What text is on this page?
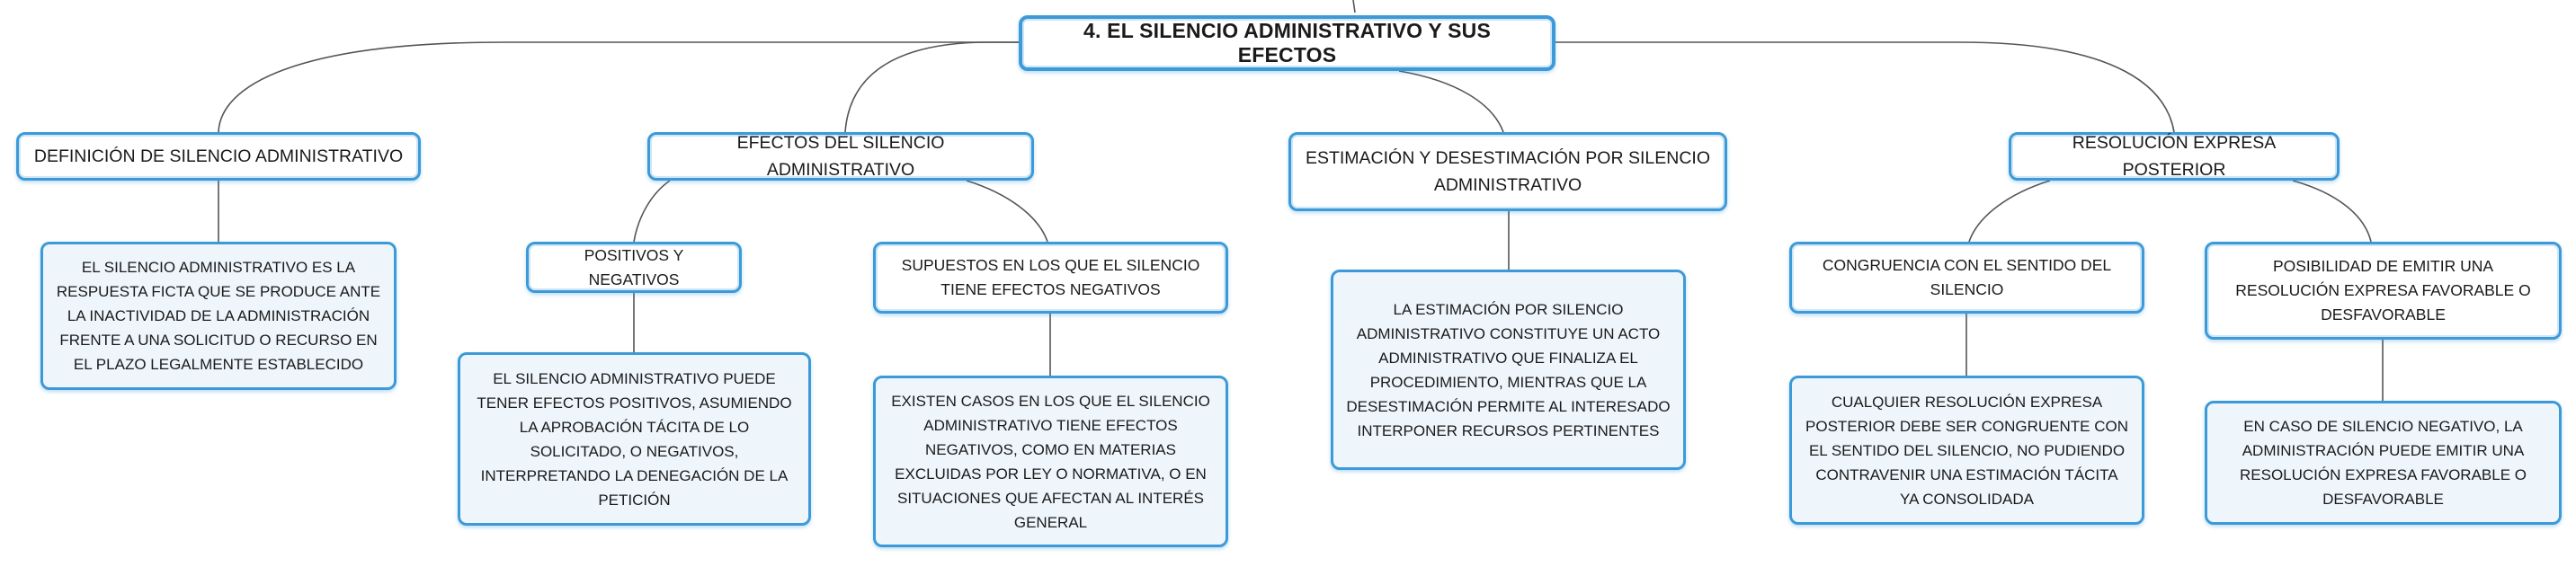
4. EL SILENCIO ADMINISTRATIVO Y SUS EFECTOS
DEFINICIÓN DE SILENCIO ADMINISTRATIVO
EL SILENCIO ADMINISTRATIVO ES LA RESPUESTA FICTA QUE SE PRODUCE ANTE LA INACTIVIDAD DE LA ADMINISTRACIÓN FRENTE A UNA SOLICITUD O RECURSO EN EL PLAZO LEGALMENTE ESTABLECIDO
EFECTOS DEL SILENCIO ADMINISTRATIVO
POSITIVOS Y NEGATIVOS
EL SILENCIO ADMINISTRATIVO PUEDE TENER EFECTOS POSITIVOS, ASUMIENDO LA APROBACIÓN TÁCITA DE LO SOLICITADO, O NEGATIVOS, INTERPRETANDO LA DENEGACIÓN DE LA PETICIÓN
SUPUESTOS EN LOS QUE EL SILENCIO TIENE EFECTOS NEGATIVOS
EXISTEN CASOS EN LOS QUE EL SILENCIO ADMINISTRATIVO TIENE EFECTOS NEGATIVOS, COMO EN MATERIAS EXCLUIDAS POR LEY O NORMATIVA, O EN SITUACIONES QUE AFECTAN AL INTERÉS GENERAL
ESTIMACIÓN Y DESESTIMACIÓN POR SILENCIO ADMINISTRATIVO
LA ESTIMACIÓN POR SILENCIO ADMINISTRATIVO CONSTITUYE UN ACTO ADMINISTRATIVO QUE FINALIZA EL PROCEDIMIENTO, MIENTRAS QUE LA DESESTIMACIÓN PERMITE AL INTERESADO INTERPONER RECURSOS PERTINENTES
RESOLUCIÓN EXPRESA POSTERIOR
CONGRUENCIA CON EL SENTIDO DEL SILENCIO
CUALQUIER RESOLUCIÓN EXPRESA POSTERIOR DEBE SER CONGRUENTE CON EL SENTIDO DEL SILENCIO, NO PUDIENDO CONTRAVENIR UNA ESTIMACIÓN TÁCITA YA CONSOLIDADA
POSIBILIDAD DE EMITIR UNA RESOLUCIÓN EXPRESA FAVORABLE O DESFAVORABLE
EN CASO DE SILENCIO NEGATIVO, LA ADMINISTRACIÓN PUEDE EMITIR UNA RESOLUCIÓN EXPRESA FAVORABLE O DESFAVORABLE
